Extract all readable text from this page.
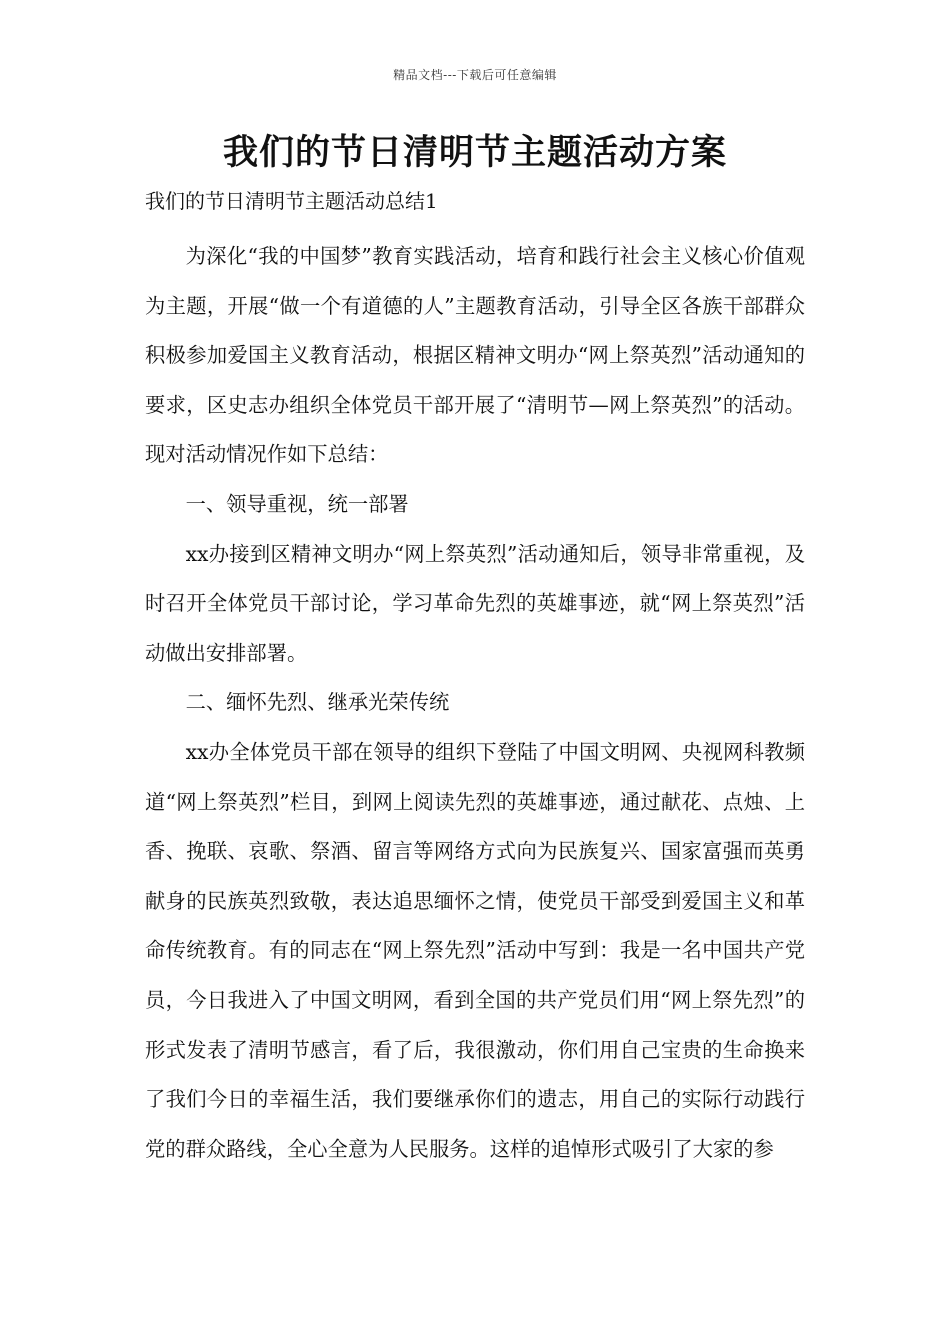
精品文档---下载后可任意编辑
我们的节日清明节主题活动方案

我们的节日清明节主题活动总结1

为深化“我的中国梦”教育实践活动，培育和践行社会主义核心价值观为主题，开展“做一个有道德的人”主题教育活动，引导全区各族干部群众积极参加爱国主义教育活动，根据区精神文明办“网上祭英烈”活动通知的要求，区史志办组织全体党员干部开展了“清明节—网上祭英烈”的活动。现对活动情况作如下总结：

一、领导重视，统一部署

xx办接到区精神文明办“网上祭英烈”活动通知后，领导非常重视，及时召开全体党员干部讨论，学习革命先烈的英雄事迹，就“网上祭英烈”活动做出安排部署。

二、缅怀先烈、继承光荣传统

xx办全体党员干部在领导的组织下登陆了中国文明网、央视网科教频道“网上祭英烈”栏目，到网上阅读先烈的英雄事迹，通过献花、点烛、上香、挽联、哀歌、祭酒、留言等网络方式向为民族复兴、国家富强而英勇献身的民族英烈致敬，表达追思缅怀之情，使党员干部受到爱国主义和革命传统教育。有的同志在“网上祭先烈”活动中写到：我是一名中国共产党员，今日我进入了中国文明网，看到全国的共产党员们用“网上祭先烈”的形式发表了清明节感言，看了后，我很激动，你们用自己宝贵的生命换来了我们今日的幸福生活，我们要继承你们的遗志，用自己的实际行动践行党的群众路线，全心全意为人民服务。这样的追悼形式吸引了大家的参
